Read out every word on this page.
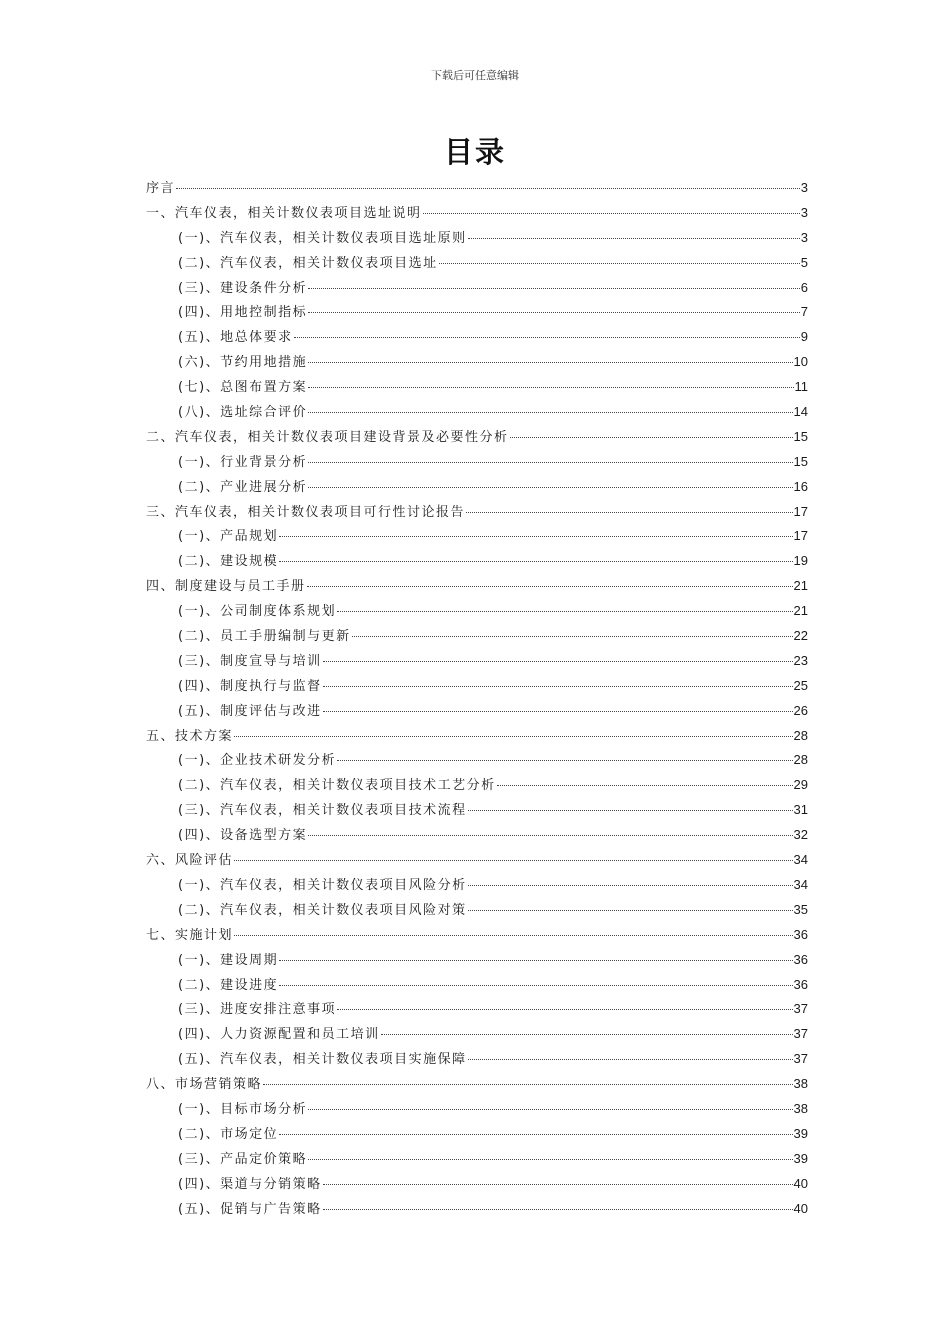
下载后可任意编辑
目录
序言	3
一、汽车仪表，相关计数仪表项目选址说明	3
(一)、汽车仪表，相关计数仪表项目选址原则	3
(二)、汽车仪表，相关计数仪表项目选址	5
(三)、建设条件分析	6
(四)、用地控制指标	7
(五)、地总体要求	9
(六)、节约用地措施	10
(七)、总图布置方案	11
(八)、选址综合评价	14
二、汽车仪表，相关计数仪表项目建设背景及必要性分析	15
(一)、行业背景分析	15
(二)、产业进展分析	16
三、汽车仪表，相关计数仪表项目可行性讨论报告	17
(一)、产品规划	17
(二)、建设规模	19
四、制度建设与员工手册	21
(一)、公司制度体系规划	21
(二)、员工手册编制与更新	22
(三)、制度宣导与培训	23
(四)、制度执行与监督	25
(五)、制度评估与改进	26
五、技术方案	28
(一)、企业技术研发分析	28
(二)、汽车仪表，相关计数仪表项目技术工艺分析	29
(三)、汽车仪表，相关计数仪表项目技术流程	31
(四)、设备选型方案	32
六、风险评估	34
(一)、汽车仪表，相关计数仪表项目风险分析	34
(二)、汽车仪表，相关计数仪表项目风险对策	35
七、实施计划	36
(一)、建设周期	36
(二)、建设进度	36
(三)、进度安排注意事项	37
(四)、人力资源配置和员工培训	37
(五)、汽车仪表，相关计数仪表项目实施保障	37
八、市场营销策略	38
(一)、目标市场分析	38
(二)、市场定位	39
(三)、产品定价策略	39
(四)、渠道与分销策略	40
(五)、促销与广告策略	40
